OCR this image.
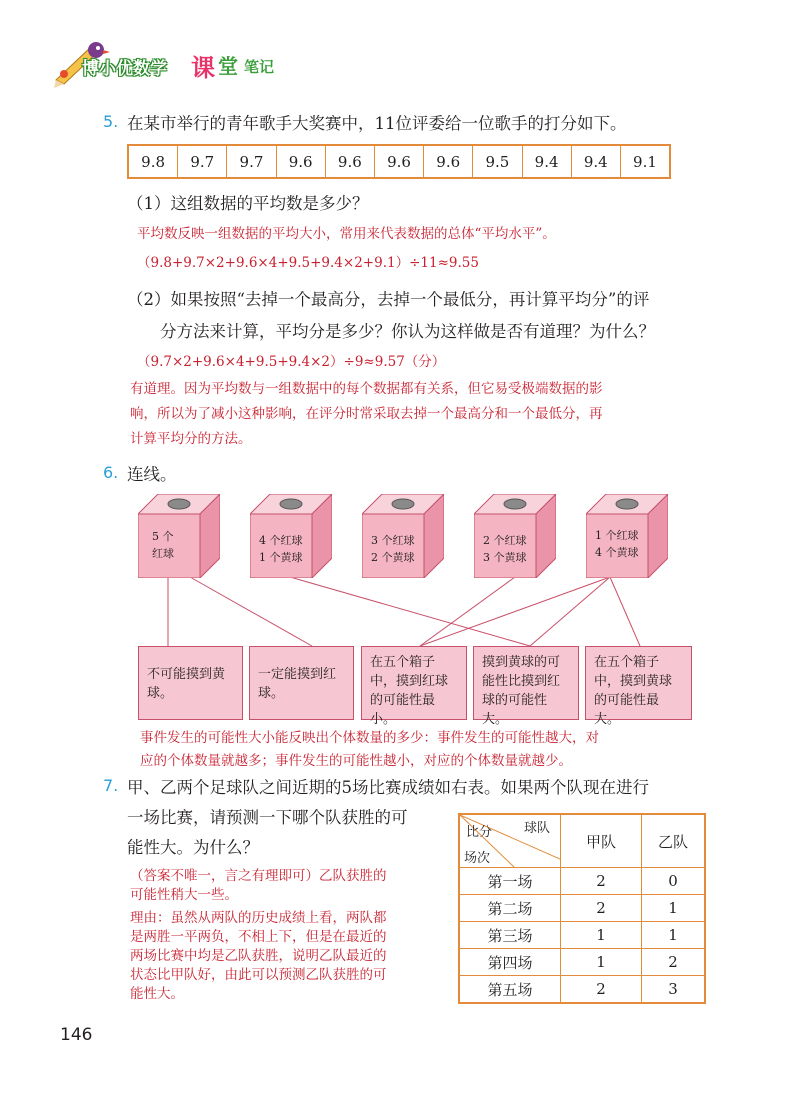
博小优数学 课 堂 笔记
5. 在某市举行的青年歌手大奖赛中，11位评委给一位歌手的打分如下。
9.8	9.7	9.7	9.6	9.6	9.6	9.6	9.5	9.4	9.4	9.1
（1）这组数据的平均数是多少？
平均数反映一组数据的平均大小，常用来代表数据的总体“平均水平”。
（9.8+9.7×2+9.6×4+9.5+9.4×2+9.1）÷11≈9.55
（2）如果按照“去掉一个最高分，去掉一个最低分，再计算平均分”的评
分方法来计算，平均分是多少？你认为这样做是否有道理？为什么？
（9.7×2+9.6×4+9.5+9.4×2）÷9≈9.57（分）
有道理。因为平均数与一组数据中的每个数据都有关系，但它易受极端数据的影
响，所以为了减小这种影响，在评分时常采取去掉一个最高分和一个最低分，再
计算平均分的方法。
6. 连线。
5 个
红球
4 个红球
1 个黄球
3 个红球
2 个黄球
2 个红球
3 个黄球
1 个红球
4 个黄球
不可能摸到黄球。
一定能摸到红球。
在五个箱子中，摸到红球的可能性最小。
摸到黄球的可能性比摸到红球的可能性大。
在五个箱子中，摸到黄球的可能性最大。
事件发生的可能性大小能反映出个体数量的多少：事件发生的可能性越大，对
应的个体数量就越多；事件发生的可能性越小，对应的个体数量就越少。
7. 甲、乙两个足球队之间近期的5场比赛成绩如右表。如果两个队现在进行
一场比赛，请预测一下哪个队获胜的可
能性大。为什么？
（答案不唯一，言之有理即可）乙队获胜的
可能性稍大一些。
理由：虽然从两队的历史成绩上看，两队都
是两胜一平两负，不相上下，但是在最近的
两场比赛中均是乙队获胜，说明乙队最近的
状态比甲队好，由此可以预测乙队获胜的可
能性大。
球队
比分
场次	甲队	乙队
第一场	2	0
第二场	2	1
第三场	1	1
第四场	1	2
第五场	2	3
146
